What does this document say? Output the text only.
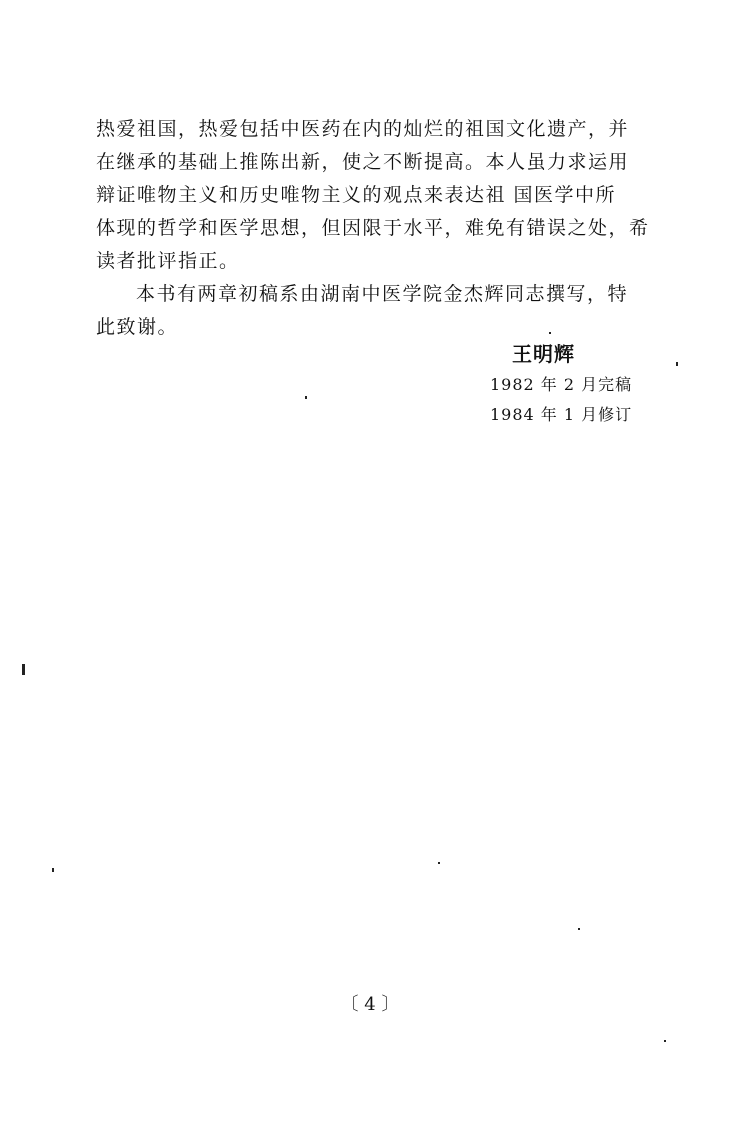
热爱祖国，热爱包括中医药在内的灿烂的祖国文化遗产，并
在继承的基础上推陈出新，使之不断提高。本人虽力求运用
辩证唯物主义和历史唯物主义的观点来表达祖 国医学中所
体现的哲学和医学思想，但因限于水平，难免有错误之处，希
读者批评指正。
本书有两章初稿系由湖南中医学院金杰辉同志撰写，特
此致谢。
王明辉
1982 年 2 月完稿
1984 年 1 月修订
〔 4 〕
